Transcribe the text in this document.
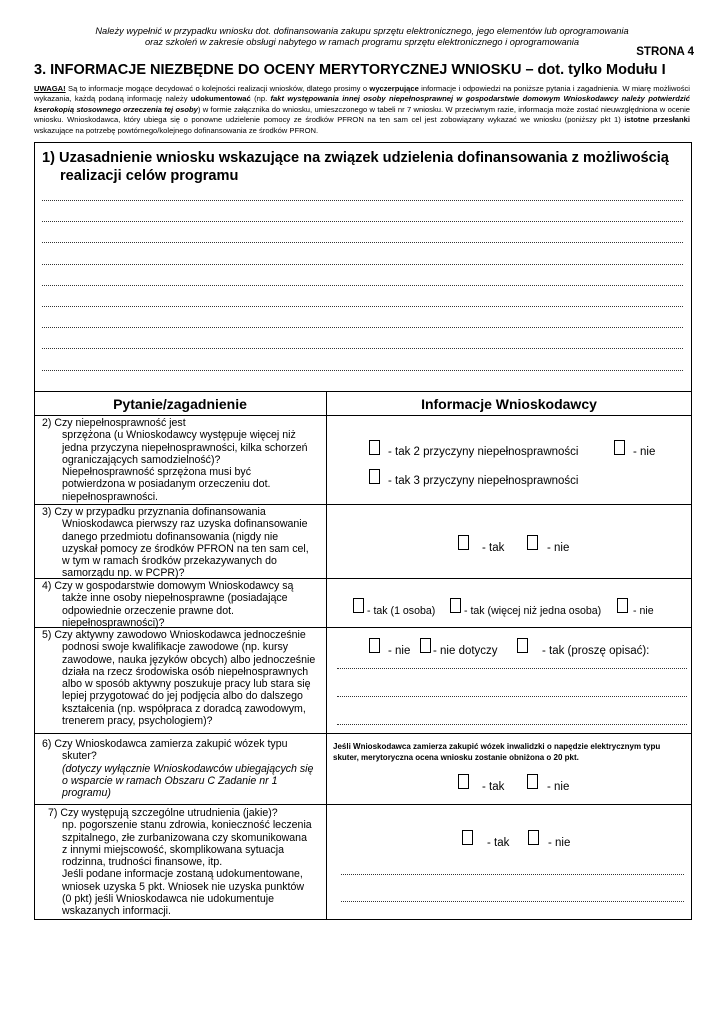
Należy wypełnić w przypadku wniosku dot. dofinansowania zakupu sprzętu elektronicznego, jego elementów lub oprogramowania
oraz szkoleń w zakresie obsługi nabytego w ramach programu sprzętu elektronicznego i oprogramowania
STRONA 4
3. INFORMACJE NIEZBĘDNE DO OCENY MERYTORYCZNEJ WNIOSKU – dot. tylko Modułu I
UWAGA! Są to informacje mogące decydować o kolejności realizacji wniosków, dlatego prosimy o wyczerpujące informacje i odpowiedzi na poniższe pytania i zagadnienia. W miarę możliwości wykazania, każdą podaną informację należy udokumentować (np. fakt występowania innej osoby niepełnosprawnej w gospodarstwie domowym Wnioskodawcy należy potwierdzić kserokopią stosownego orzeczenia tej osoby) w formie załącznika do wniosku, umieszczonego w tabeli nr 7 wniosku. W przeciwnym razie, informacja może zostać nieuwzględniona w ocenie wniosku. Wnioskodawca, który ubiega się o ponowne udzielenie pomocy ze środków PFRON na ten sam cel jest zobowiązany wykazać we wniosku (poniższy pkt 1) istotne przesłanki wskazujące na potrzebę powtórnego/kolejnego dofinansowania ze środków PFRON.
1) Uzasadnienie wniosku wskazujące na związek udzielenia dofinansowania z możliwością
realizacji celów programu
Pytanie/zagadnienie	Informacje Wnioskodawcy
2) Czy niepełnosprawność jest
sprzężona (u Wnioskodawcy występuje więcej niż
jedna przyczyna niepełnosprawności, kilka schorzeń
ograniczających samodzielność)?
Niepełnosprawność sprzężona musi być
potwierdzona w posiadanym orzeczeniu dot.
niepełnosprawności.
- tak 2 przyczyny niepełnosprawności	- nie
- tak 3 przyczyny niepełnosprawności
3) Czy w przypadku przyznania dofinansowania
Wnioskodawca pierwszy raz uzyska dofinansowanie
danego przedmiotu dofinansowania (nigdy nie
uzyskał pomocy ze środków PFRON na ten sam cel,
w tym w ramach środków przekazywanych do
samorządu np. w PCPR)?
- tak	- nie
4) Czy w gospodarstwie domowym Wnioskodawcy są
także inne osoby niepełnosprawne (posiadające
odpowiednie orzeczenie prawne dot.
niepełnosprawności)?
- tak (1 osoba)	- tak (więcej niż jedna osoba)	- nie
5) Czy aktywny zawodowo Wnioskodawca jednocześnie
podnosi swoje kwalifikacje zawodowe (np. kursy
zawodowe, nauka języków obcych) albo jednocześnie
działa na rzecz środowiska osób niepełnosprawnych
albo w sposób aktywny poszukuje pracy lub stara się
lepiej przygotować do jej podjęcia albo do dalszego
kształcenia (np. współpraca z doradcą zawodowym,
trenerem pracy, psychologiem)?
- nie - nie dotyczy	- tak (proszę opisać):
6) Czy Wnioskodawca zamierza zakupić wózek typu
skuter?
(dotyczy wyłącznie Wnioskodawców ubiegających się
o wsparcie w ramach Obszaru C Zadanie nr 1
programu)
Jeśli Wnioskodawca zamierza zakupić wózek inwalidzki o napędzie elektrycznym typu skuter, merytoryczna ocena wniosku zostanie obniżona o 20 pkt.
- tak	- nie
7) Czy występują szczególne utrudnienia (jakie)?
np. pogorszenie stanu zdrowia, konieczność leczenia
szpitalnego, złe zurbanizowana czy skomunikowana
z innymi miejscowość, skomplikowana sytuacja
rodzinna, trudności finansowe, itp.
Jeśli podane informacje zostaną udokumentowane,
wniosek uzyska 5 pkt. Wniosek nie uzyska punktów
(0 pkt) jeśli Wnioskodawca nie udokumentuje
wskazanych informacji.
- tak	- nie
